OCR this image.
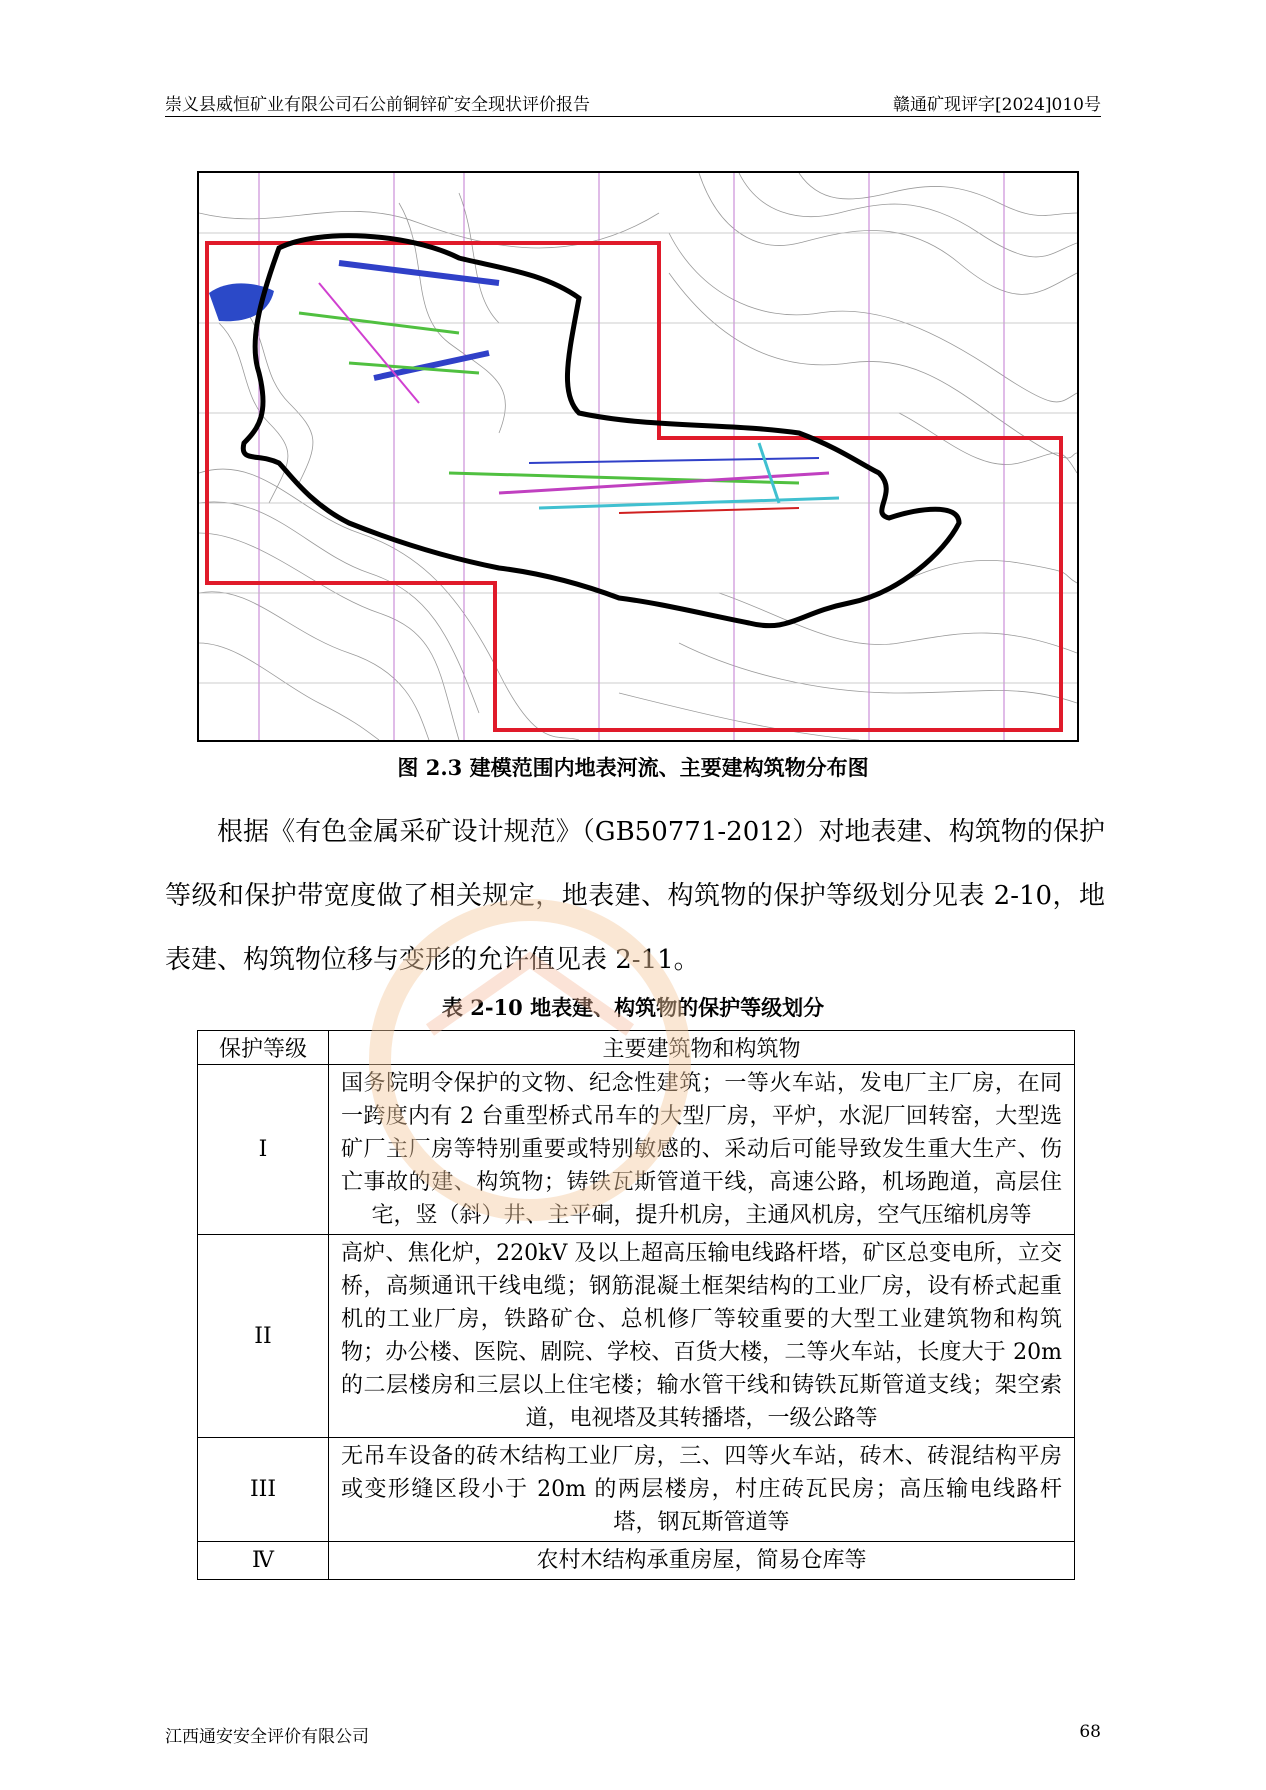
崇义县威恒矿业有限公司石公前铜锌矿安全现状评价报告	赣通矿现评字[2024]010号
图 2.3 建模范围内地表河流、主要建构筑物分布图
根据《有色金属采矿设计规范》（GB50771-2012）对地表建、构筑物的保护等级和保护带宽度做了相关规定，地表建、构筑物的保护等级划分见表 2-10，地表建、构筑物位移与变形的允许值见表 2-11。
表 2-10 地表建、构筑物的保护等级划分
保护等级	主要建筑物和构筑物
I	国务院明令保护的文物、纪念性建筑；一等火车站，发电厂主厂房，在同一跨度内有 2 台重型桥式吊车的大型厂房，平炉，水泥厂回转窑，大型选矿厂主厂房等特别重要或特别敏感的、采动后可能导致发生重大生产、伤亡事故的建、构筑物；铸铁瓦斯管道干线，高速公路，机场跑道，高层住宅，竖（斜）井、主平硐，提升机房，主通风机房，空气压缩机房等
II	高炉、焦化炉，220kV 及以上超高压输电线路杆塔，矿区总变电所，立交桥，高频通讯干线电缆；钢筋混凝土框架结构的工业厂房，设有桥式起重机的工业厂房，铁路矿仓、总机修厂等较重要的大型工业建筑物和构筑物；办公楼、医院、剧院、学校、百货大楼，二等火车站，长度大于 20m 的二层楼房和三层以上住宅楼；输水管干线和铸铁瓦斯管道支线；架空索道，电视塔及其转播塔，一级公路等
III	无吊车设备的砖木结构工业厂房，三、四等火车站，砖木、砖混结构平房或变形缝区段小于 20m 的两层楼房，村庄砖瓦民房；高压输电线路杆塔，钢瓦斯管道等
Ⅳ	农村木结构承重房屋，简易仓库等
江西通安安全评价有限公司	68
